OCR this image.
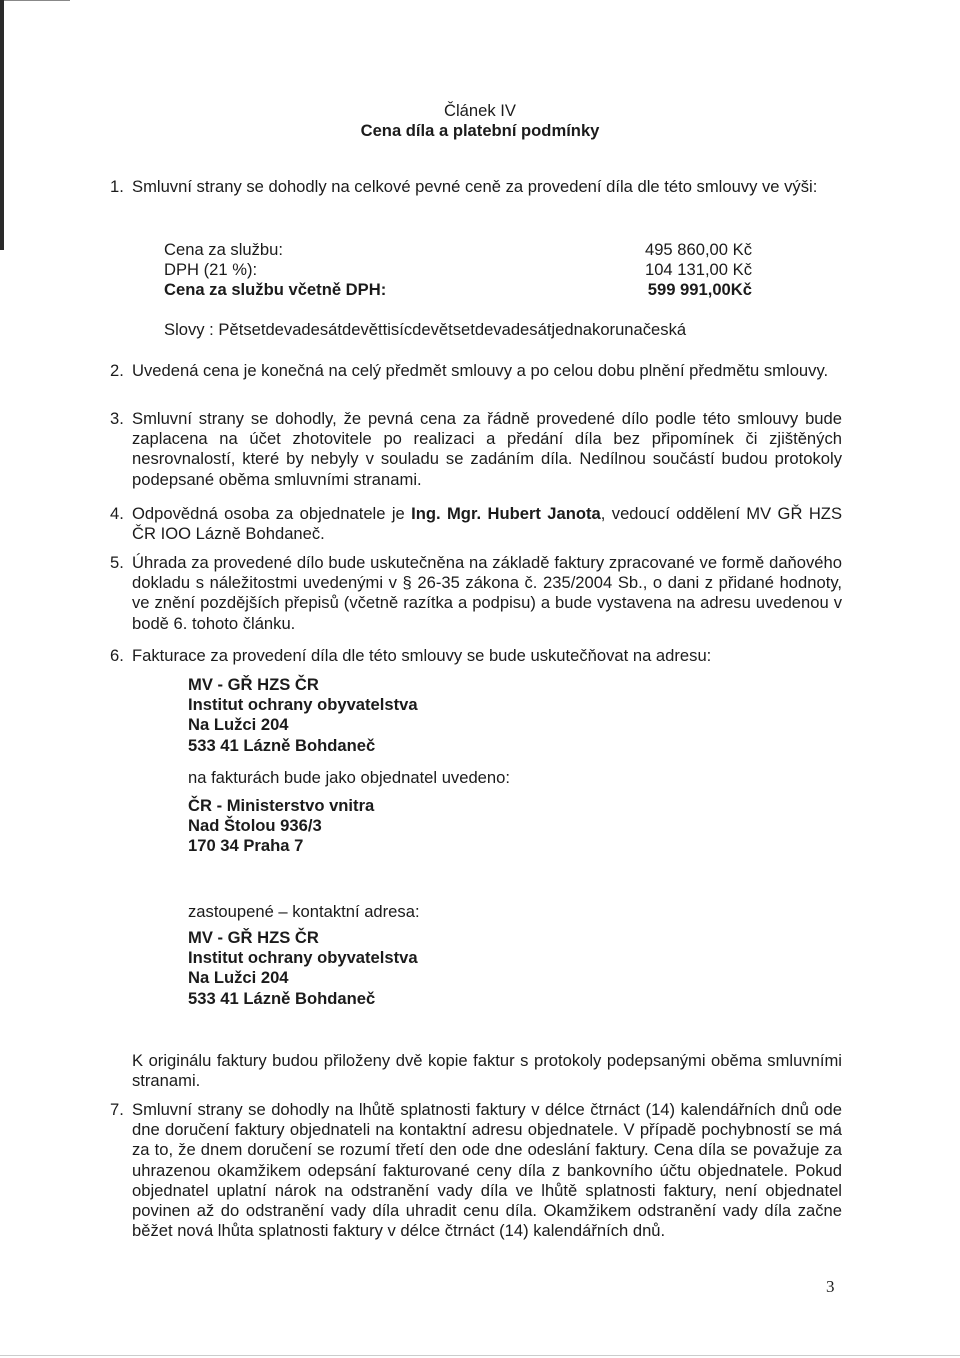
Článek IV
Cena díla a platební podmínky
1. Smluvní strany se dohodly na celkové pevné ceně za provedení díla dle této smlouvy ve výši:
Cena za službu:	495 860,00 Kč
DPH (21 %):	104 131,00 Kč
Cena za službu včetně DPH:	599 991,00Kč
Slovy : Pětsetdevadesátdevěttisícdevětsetdevadesátjednakorunačeská
2. Uvedená cena je konečná na celý předmět smlouvy a po celou dobu plnění předmětu smlouvy.
3. Smluvní strany se dohodly, že pevná cena za řádně provedené dílo podle této smlouvy bude zaplacena na účet zhotovitele po realizaci a předání díla bez připomínek či zjištěných nesrovnalostí, které by nebyly v souladu se zadáním díla. Nedílnou součástí budou protokoly podepsané oběma smluvními stranami.
4. Odpovědná osoba za objednatele je Ing. Mgr. Hubert Janota, vedoucí oddělení MV GŘ HZS ČR IOO Lázně Bohdaneč.
5. Úhrada za provedené dílo bude uskutečněna na základě faktury zpracované ve formě daňového dokladu s náležitostmi uvedenými v § 26-35 zákona č. 235/2004 Sb., o dani z přidané hodnoty, ve znění pozdějších přepisů (včetně razítka a podpisu) a bude vystavena na adresu uvedenou v bodě 6. tohoto článku.
6. Fakturace za provedení díla dle této smlouvy se bude uskutečňovat na adresu:
MV - GŘ HZS ČR
Institut ochrany obyvatelstva
Na Lužci 204
533 41 Lázně Bohdaneč
na fakturách bude jako objednatel uvedeno:
ČR - Ministerstvo vnitra
Nad Štolou 936/3
170 34 Praha 7
zastoupené – kontaktní adresa:
MV - GŘ HZS ČR
Institut ochrany obyvatelstva
Na Lužci 204
533 41 Lázně Bohdaneč
K originálu faktury budou přiloženy dvě kopie faktur s protokoly podepsanými oběma smluvními stranami.
7. Smluvní strany se dohodly na lhůtě splatnosti faktury v délce čtrnáct (14) kalendářních dnů ode dne doručení faktury objednateli na kontaktní adresu objednatele. V případě pochybností se má za to, že dnem doručení se rozumí třetí den ode dne odeslání faktury. Cena díla se považuje za uhrazenou okamžikem odepsání fakturované ceny díla z bankovního účtu objednatele. Pokud objednatel uplatní nárok na odstranění vady díla ve lhůtě splatnosti faktury, není objednatel povinen až do odstranění vady díla uhradit cenu díla. Okamžikem odstranění vady díla začne běžet nová lhůta splatnosti faktury v délce čtrnáct (14) kalendářních dnů.
3
